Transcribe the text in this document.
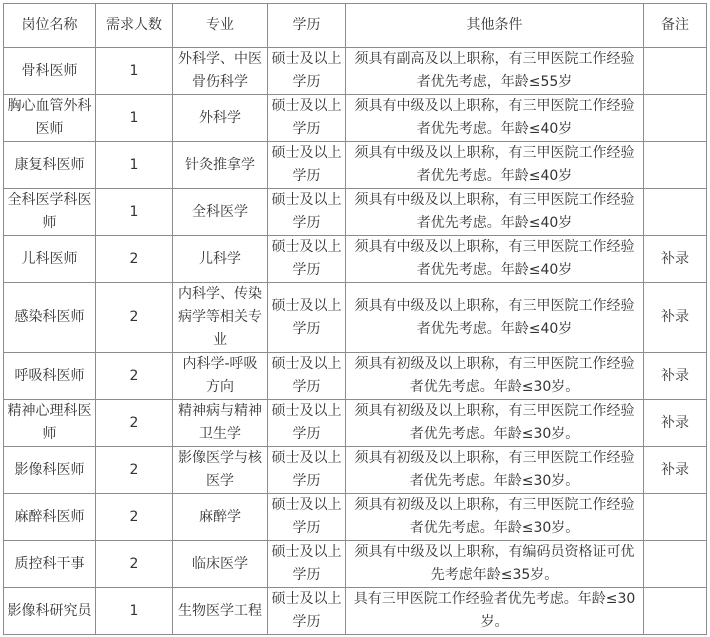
岗位名称	需求人数	专业	学历	其他条件	备注
骨科医师	1	外科学、中医骨伤科学	硕士及以上学历	须具有副高及以上职称，有三甲医院工作经验者优先考虑，年龄≤55岁	
胸心血管外科医师	1	外科学	硕士及以上学历	须具有中级及以上职称，有三甲医院工作经验者优先考虑。年龄≤40岁	
康复科医师	1	针灸推拿学	硕士及以上学历	须具有中级及以上职称，有三甲医院工作经验者优先考虑。年龄≤40岁	
全科医学科医师	1	全科医学	硕士及以上学历	须具有中级及以上职称，有三甲医院工作经验者优先考虑。年龄≤40岁	
儿科医师	2	儿科学	硕士及以上学历	须具有中级及以上职称，有三甲医院工作经验者优先考虑。年龄≤40岁	补录
感染科医师	2	内科学、传染病学等相关专业	硕士及以上学历	须具有中级及以上职称，有三甲医院工作经验者优先考虑。年龄≤40岁	补录
呼吸科医师	2	内科学-呼吸方向	硕士及以上学历	须具有初级及以上职称，有三甲医院工作经验者优先考虑。年龄≤30岁。	补录
精神心理科医师	2	精神病与精神卫生学	硕士及以上学历	须具有初级及以上职称，有三甲医院工作经验者优先考虑。年龄≤30岁。	补录
影像科医师	2	影像医学与核医学	硕士及以上学历	须具有初级及以上职称，有三甲医院工作经验者优先考虑。年龄≤30岁。	补录
麻醉科医师	2	麻醉学	硕士及以上学历	须具有初级及以上职称，有三甲医院工作经验者优先考虑。年龄≤30岁。	
质控科干事	2	临床医学	硕士及以上学历	须具有中级及以上职称，有编码员资格证可优先考虑年龄≤35岁。	
影像科研究员	1	生物医学工程	硕士及以上学历	具有三甲医院工作经验者优先考虑。年龄≤30岁。	
